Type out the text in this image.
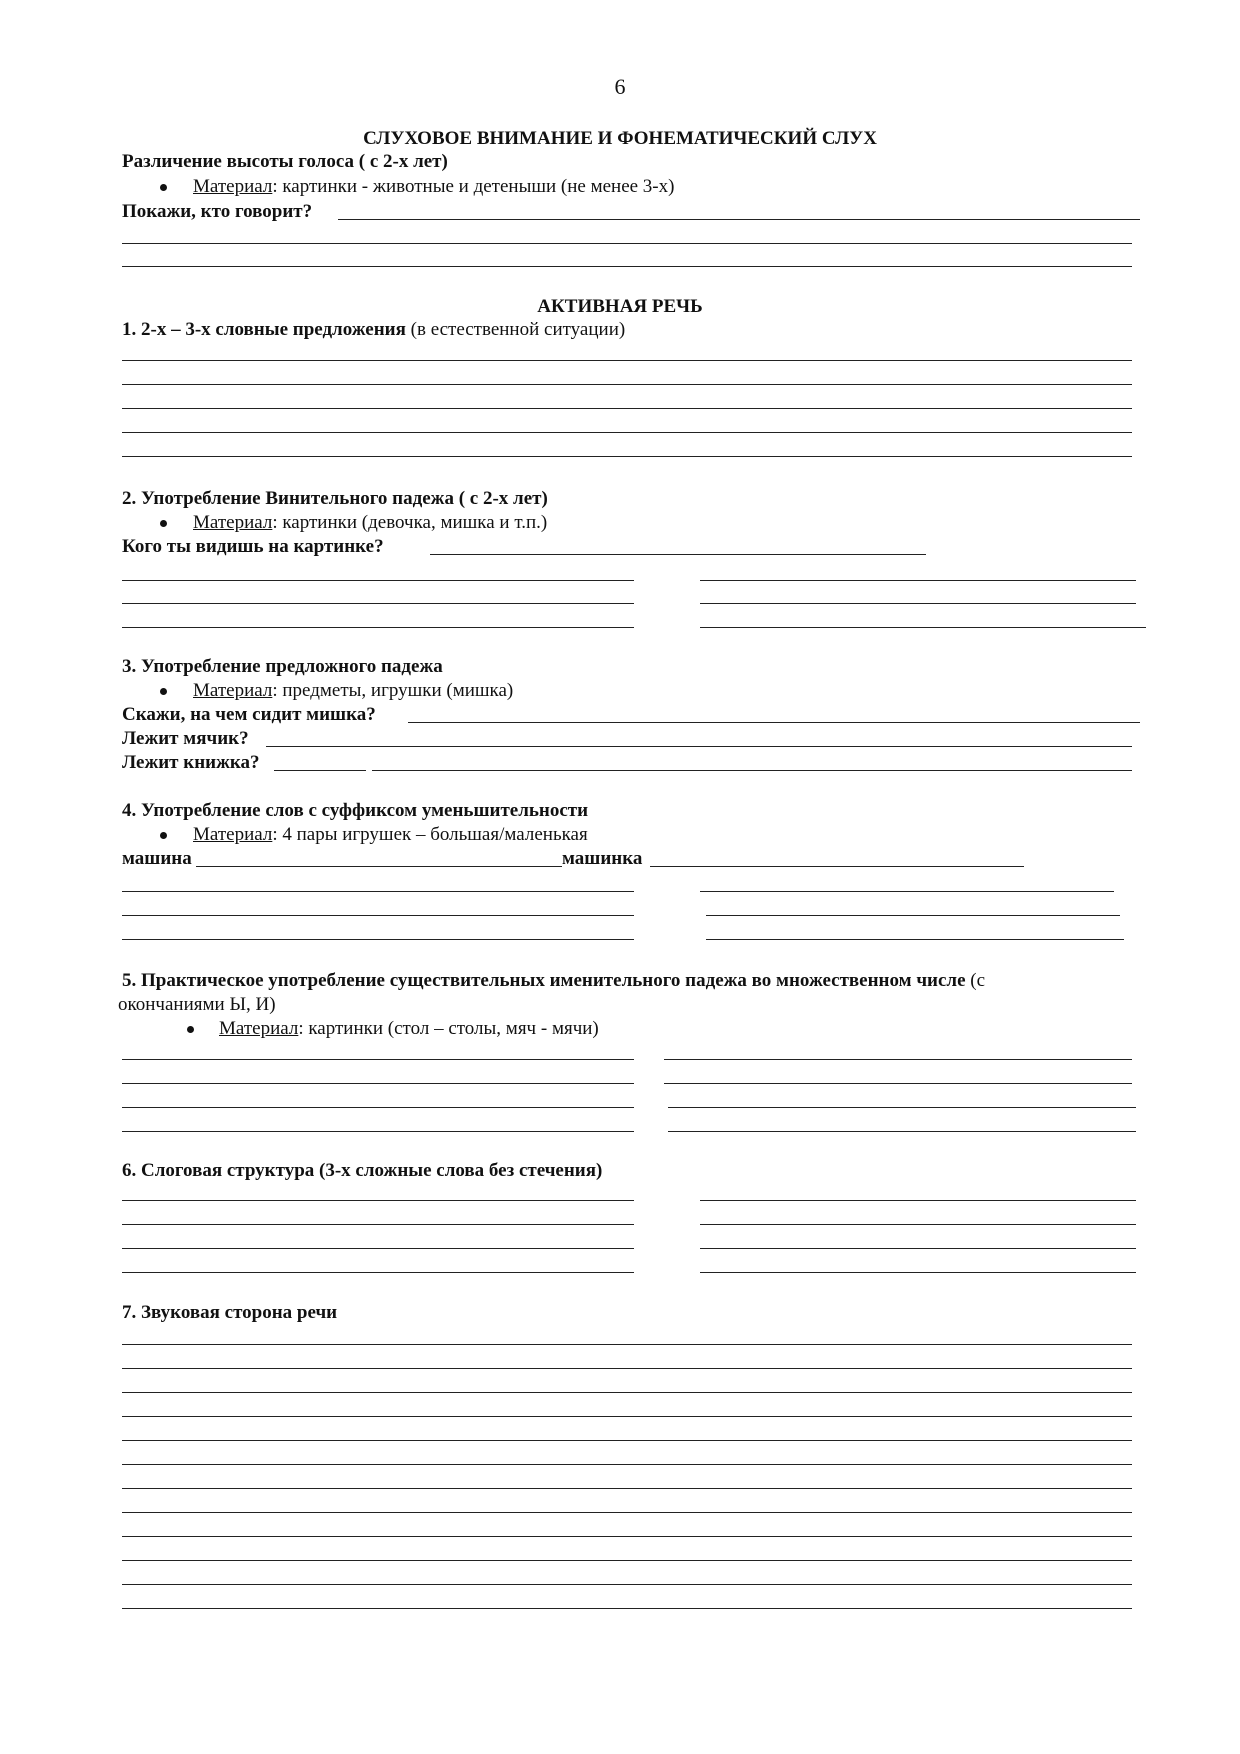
6
СЛУХОВОЕ ВНИМАНИЕ И ФОНЕМАТИЧЕСКИЙ СЛУХ
Различение высоты голоса ( с 2-х лет)
Материал: картинки - животные и детеныши (не менее 3-х)
Покажи, кто говорит?
АКТИВНАЯ РЕЧЬ
1. 2-х – 3-х словные предложения (в естественной ситуации)
2. Употребление Винительного падежа ( с 2-х лет)
Материал: картинки (девочка, мишка и т.п.)
Кого ты видишь на картинке?
3. Употребление предложного падежа
Материал: предметы, игрушки (мишка)
Скажи, на чем сидит мишка?
Лежит мячик?
Лежит книжка?
4. Употребление слов с суффиксом уменьшительности
Материал: 4 пары игрушек – большая/маленькая
машина	машинка
5. Практическое употребление существительных именительного падежа во множественном числе (с
окончаниями Ы, И)
Материал: картинки (стол – столы, мяч - мячи)
6. Слоговая структура (3-х сложные слова без стечения)
7. Звуковая сторона речи
